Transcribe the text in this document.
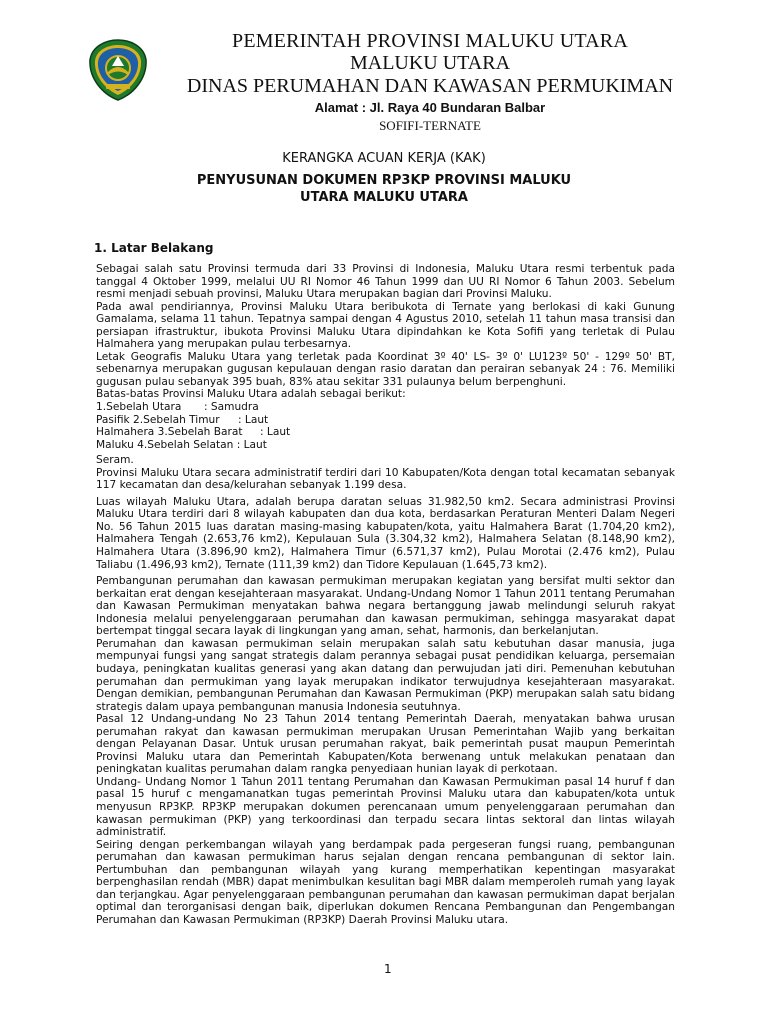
PEMERINTAH PROVINSI MALUKU UTARA
MALUKU UTARA
DINAS PERUMAHAN DAN KAWASAN PERMUKIMAN
Alamat : Jl. Raya 40 Bundaran Balbar
SOFIFI-TERNATE
KERANGKA ACUAN KERJA (KAK)
PENYUSUNAN DOKUMEN RP3KP PROVINSI MALUKU
UTARA MALUKU UTARA
1. Latar Belakang

Sebagai salah satu Provinsi termuda dari 33 Provinsi di Indonesia, Maluku Utara resmi terbentuk pada tanggal 4 Oktober 1999, melalui UU RI Nomor 46 Tahun 1999 dan UU RI Nomor 6 Tahun 2003. Sebelum resmi menjadi sebuah provinsi, Maluku Utara merupakan bagian dari Provinsi Maluku.

Pada awal pendiriannya, Provinsi Maluku Utara beribukota di Ternate yang berlokasi di kaki Gunung Gamalama, selama 11 tahun. Tepatnya sampai dengan 4 Agustus 2010, setelah 11 tahun masa transisi dan persiapan ifrastruktur, ibukota Provinsi Maluku Utara dipindahkan ke Kota Sofifi yang terletak di Pulau Halmahera yang merupakan pulau terbesarnya.

Letak Geografis Maluku Utara yang terletak pada Koordinat 3º 40' LS- 3º 0' LU123º 50' - 129º 50' BT, sebenarnya merupakan gugusan kepulauan dengan rasio daratan dan perairan sebanyak 24 : 76. Memiliki gugusan pulau sebanyak 395 buah, 83% atau sekitar 331 pulaunya belum berpenghuni.

Batas-batas Provinsi Maluku Utara adalah sebagai berikut:
1.Sebelah Utara : Samudra
Pasifik 2.Sebelah Timur : Laut
Halmahera 3.Sebelah Barat : Laut
Maluku 4.Sebelah Selatan : Laut
Seram.

Provinsi Maluku Utara secara administratif terdiri dari 10 Kabupaten/Kota dengan total kecamatan sebanyak 117 kecamatan dan desa/kelurahan sebanyak 1.199 desa.

Luas wilayah Maluku Utara, adalah berupa daratan seluas 31.982,50 km2. Secara administrasi Provinsi Maluku Utara terdiri dari 8 wilayah kabupaten dan dua kota, berdasarkan Peraturan Menteri Dalam Negeri No. 56 Tahun 2015 luas daratan masing-masing kabupaten/kota, yaitu Halmahera Barat (1.704,20 km2), Halmahera Tengah (2.653,76 km2), Kepulauan Sula (3.304,32 km2), Halmahera Selatan (8.148,90 km2), Halmahera Utara (3.896,90 km2), Halmahera Timur (6.571,37 km2), Pulau Morotai (2.476 km2), Pulau Taliabu (1.496,93 km2), Ternate (111,39 km2) dan Tidore Kepulauan (1.645,73 km2).

Pembangunan perumahan dan kawasan permukiman merupakan kegiatan yang bersifat multi sektor dan berkaitan erat dengan kesejahteraan masyarakat. Undang-Undang Nomor 1 Tahun 2011 tentang Perumahan dan Kawasan Permukiman menyatakan bahwa negara bertanggung jawab melindungi seluruh rakyat Indonesia melalui penyelenggaraan perumahan dan kawasan permukiman, sehingga masyarakat dapat bertempat tinggal secara layak di lingkungan yang aman, sehat, harmonis, dan berkelanjutan.

Perumahan dan kawasan permukiman selain merupakan salah satu kebutuhan dasar manusia, juga mempunyai fungsi yang sangat strategis dalam perannya sebagai pusat pendidikan keluarga, persemaian budaya, peningkatan kualitas generasi yang akan datang dan perwujudan jati diri. Pemenuhan kebutuhan perumahan dan permukiman yang layak merupakan indikator terwujudnya kesejahteraan masyarakat. Dengan demikian, pembangunan Perumahan dan Kawasan Permukiman (PKP) merupakan salah satu bidang strategis dalam upaya pembangunan manusia Indonesia seutuhnya.

Pasal 12 Undang-undang No 23 Tahun 2014 tentang Pemerintah Daerah, menyatakan bahwa urusan perumahan rakyat dan kawasan permukiman merupakan Urusan Pemerintahan Wajib yang berkaitan dengan Pelayanan Dasar. Untuk urusan perumahan rakyat, baik pemerintah pusat maupun Pemerintah Provinsi Maluku utara dan Pemerintah Kabupaten/Kota berwenang untuk melakukan penataan dan peningkatan kualitas perumahan dalam rangka penyediaan hunian layak di perkotaan.

Undang- Undang Nomor 1 Tahun 2011 tentang Perumahan dan Kawasan Permukiman pasal 14 huruf f dan pasal 15 huruf c mengamanatkan tugas pemerintah Provinsi Maluku utara dan kabupaten/kota untuk menyusun RP3KP. RP3KP merupakan dokumen perencanaan umum penyelenggaraan perumahan dan kawasan permukiman (PKP) yang terkoordinasi dan terpadu secara lintas sektoral dan lintas wilayah administratif.

Seiring dengan perkembangan wilayah yang berdampak pada pergeseran fungsi ruang, pembangunan perumahan dan kawasan permukiman harus sejalan dengan rencana pembangunan di sektor lain. Pertumbuhan dan pembangunan wilayah yang kurang memperhatikan kepentingan masyarakat berpenghasilan rendah (MBR) dapat menimbulkan kesulitan bagi MBR dalam memperoleh rumah yang layak dan terjangkau. Agar penyelenggaraan pembangunan perumahan dan kawasan permukiman dapat berjalan optimal dan terorganisasi dengan baik, diperlukan dokumen Rencana Pembangunan dan Pengembangan Perumahan dan Kawasan Permukiman (RP3KP) Daerah Provinsi Maluku utara.

1
